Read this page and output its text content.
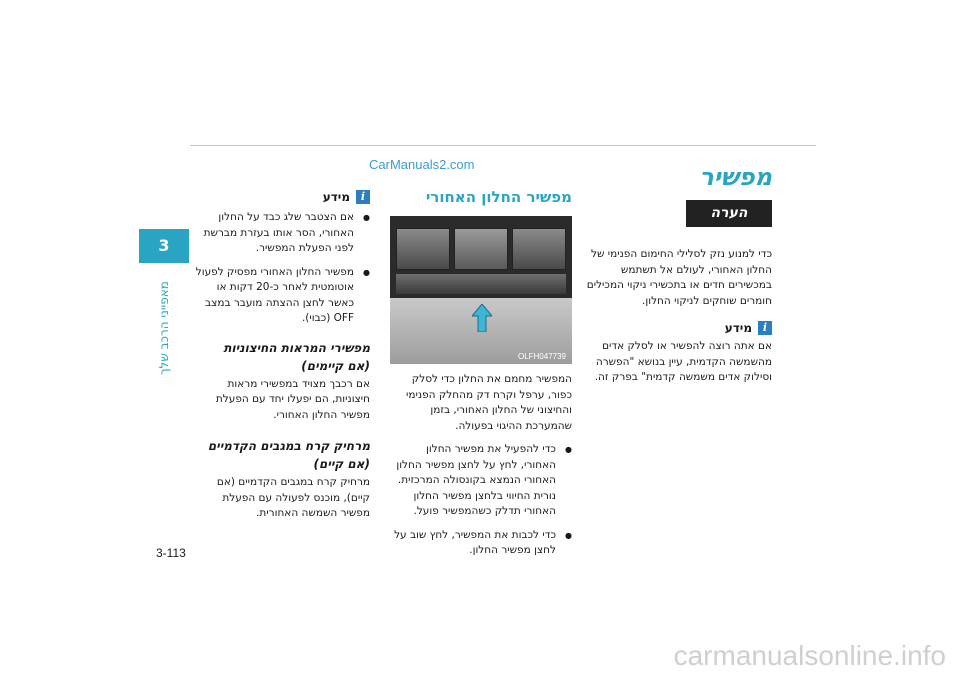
CarManuals2.com	מפשיר
3
מאפייני הרכב שלך
הערה

כדי למנוע נזק לסלילי החימום הפנימי של החלון האחורי, לעולם אל תשתמש במכשירים חדים או בתכשירי ניקוי המכילים חומרים שוחקים לניקוי החלון.

i
מידע

אם אתה רוצה להפשיר או לסלק אדים מהשמשה הקדמית, עיין בנושא "הפשרה וסילוק אדים משמשה קדמית" בפרק זה.

מפשיר החלון האחורי
OLFH047739

המפשיר מחמם את החלון כדי לסלק כפור, ערפל וקרח דק מהחלק הפנימי והחיצוני של החלון האחורי, בזמן שהמערכת ההיגוי בפעולה.

● כדי להפעיל את מפשיר החלון האחורי, לחץ על לחצן מפשיר החלון האחורי הנמצא בקונסולה המרכזית. נורית החיווי בלחצן מפשיר החלון האחורי תדלק כשהמפשיר פועל.
● כדי לכבות את המפשיר, לחץ שוב על לחצן מפשיר החלון.
i
מידע
● אם הצטבר שלג כבד על החלון האחורי, הסר אותו בעזרת מברשת לפני הפעלת המפשיר.
● מפשיר החלון האחורי מפסיק לפעול אוטומטית לאחר כ-20 דקות או כאשר לחצן ההצתה מועבר במצב OFF (כבוי).
מפשירי המראות החיצוניות
(אם קיימים)

אם רכבך מצויד במפשירי מראות חיצוניות, הם יפעלו יחד עם הפעלת מפשיר החלון האחורי.

מרחיק קרח במגבים הקדמיים
(אם קיים)

מרחיק קרח במגבים הקדמיים (אם קיים), מוכנס לפעולה עם הפעלת מפשיר השמשה האחורית.

3-113
carmanualsonline.info
